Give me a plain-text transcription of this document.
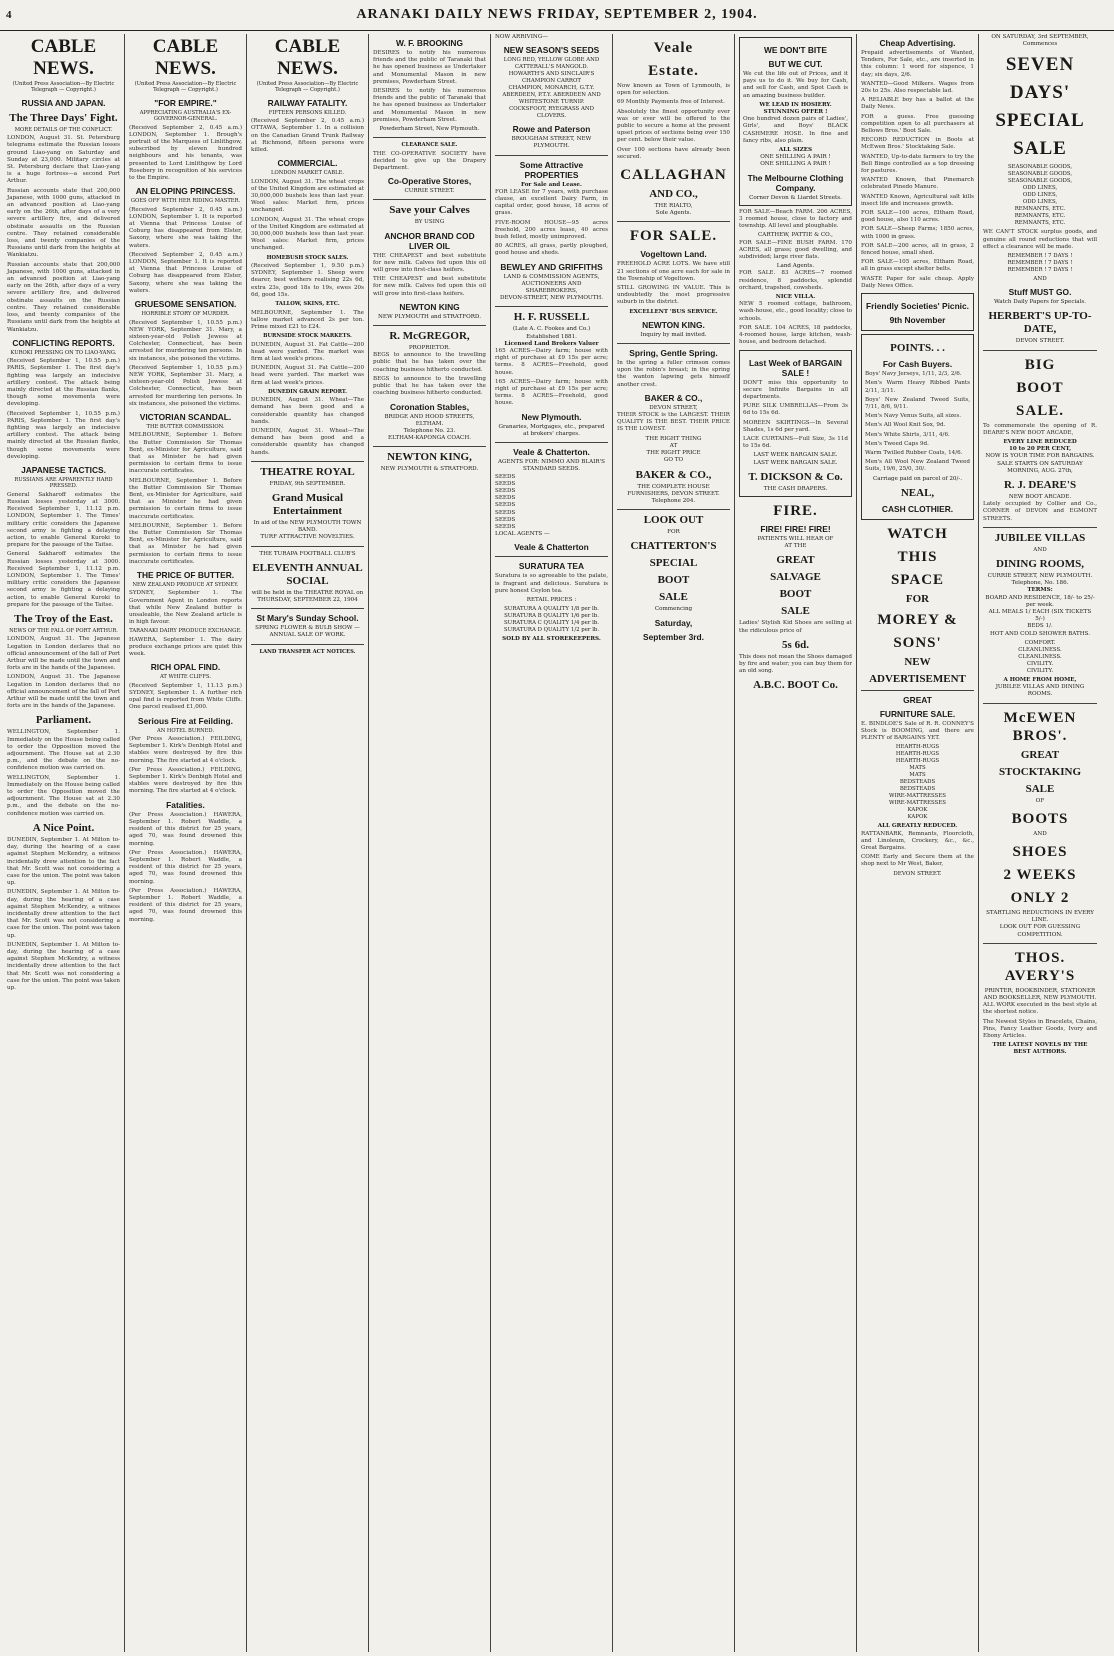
4	ARANAKI DAILY NEWS FRIDAY, SEPTEMBER 2, 1904.
CABLE NEWS.
(United Press Association—By Electric Telegraph — Copyright.)
RUSSIA AND JAPAN.
The Three Days' Fight.
MORE DETAILS OF THE CONFLICT.

LONDON, August 31. St. Petersburg telegrams estimate the Russian losses ground Liao-yang on Saturday and Sunday at 23,000. Military circles at St. Petersburg declare that Liao-yang is a huge fortress—a second Port Arthur.

Russian accounts state that 200,000 Japanese, with 1000 guns, attacked in an advanced position at Liao-yang early on the 26th, after days of a very severe artillery fire, and delivered obstinate assaults on the Russian centre. They retained considerable loss, and twenty companies of the Russians until dark from the heights at Wankiatzu.

Russian accounts state that 200,000 Japanese, with 1000 guns, attacked in an advanced position at Liao-yang early on the 26th, after days of a very severe artillery fire, and delivered obstinate assaults on the Russian centre. They retained considerable loss, and twenty companies of the Russians until dark from the heights at Wankiatzu.

CONFLICTING REPORTS.
KUROKI PRESSING ON TO LIAO-YANG.

(Received September 1, 10.55 p.m.) PARIS, September 1. The first day's fighting was largely an indecisive artillery contest. The attack being mainly directed at the Russian flanks, though some movements were developing.

(Received September 1, 10.55 p.m.) PARIS, September 1. The first day's fighting was largely an indecisive artillery contest. The attack being mainly directed at the Russian flanks, though some movements were developing.

JAPANESE TACTICS.
RUSSIANS ARE APPARENTLY HARD PRESSED.

General Sakharoff estimates the Russian losses yesterday at 3000. Received September 1, 11.12 p.m. LONDON, September 1. The Times' military critic considers the Japanese second army is fighting a delaying action, to enable General Kuroki to prepare for the passage of the Taitse.

General Sakharoff estimates the Russian losses yesterday at 3000. Received September 1, 11.12 p.m. LONDON, September 1. The Times' military critic considers the Japanese second army is fighting a delaying action, to enable General Kuroki to prepare for the passage of the Taitse.

The Troy of the East.
NEWS OF THE FALL OF PORT ARTHUR.

LONDON, August 31. The Japanese Legation in London declares that no official announcement of the fall of Port Arthur will be made until the town and forts are in the hands of the Japanese.

LONDON, August 31. The Japanese Legation in London declares that no official announcement of the fall of Port Arthur will be made until the town and forts are in the hands of the Japanese.

Parliament.

WELLINGTON, September 1. Immediately on the House being called to order the Opposition moved the adjournment. The House sat at 2.30 p.m., and the debate on the no-confidence motion was carried on.

WELLINGTON, September 1. Immediately on the House being called to order the Opposition moved the adjournment. The House sat at 2.30 p.m., and the debate on the no-confidence motion was carried on.

A Nice Point.

DUNEDIN, September 1. At Milton to-day, during the hearing of a case against Stephen McKendry, a witness incidentally drew attention to the fact that Mr. Scott was not considering a case for the union. The point was taken up.

DUNEDIN, September 1. At Milton to-day, during the hearing of a case against Stephen McKendry, a witness incidentally drew attention to the fact that Mr. Scott was not considering a case for the union. The point was taken up.

DUNEDIN, September 1. At Milton to-day, during the hearing of a case against Stephen McKendry, a witness incidentally drew attention to the fact that Mr. Scott was not considering a case for the union. The point was taken up.

CABLE NEWS.
(United Press Association—By Electric Telegraph — Copyright.)
"FOR EMPIRE."
APPRECIATING AUSTRALIA'S EX-GOVERNOR-GENERAL.

(Received September 2, 0.45 a.m.) LONDON, September 1. Brough's portrait of the Marquess of Linlithgow, subscribed by eleven hundred neighbours and his tenants, was presented to Lord Linlithgow by Lord Rosebery in recognition of his services to the Empire.

AN ELOPING PRINCESS.
GOES OFF WITH HER RIDING MASTER.

(Received September 2, 0.45 a.m.) LONDON, September 1. It is reported at Vienna that Princess Louise of Coburg has disappeared from Elster, Saxony, where she was taking the waters.

(Received September 2, 0.45 a.m.) LONDON, September 1. It is reported at Vienna that Princess Louise of Coburg has disappeared from Elster, Saxony, where she was taking the waters.

GRUESOME SENSATION.
HORRIBLE STORY OF MURDER.

(Received September 1, 10.55 p.m.) NEW YORK, September 31. Mary, a sixteen-year-old Polish Jewess at Colchester, Connecticut, has been arrested for murdering ten persons. In six instances, she poisoned the victims.

(Received September 1, 10.55 p.m.) NEW YORK, September 31. Mary, a sixteen-year-old Polish Jewess at Colchester, Connecticut, has been arrested for murdering ten persons. In six instances, she poisoned the victims.

VICTORIAN SCANDAL.
THE BUTTER COMMISSION.

MELBOURNE, September 1. Before the Butter Commission Sir Thomas Bent, ex-Minister for Agriculture, said that as Minister he had given permission to certain firms to issue inaccurate certificates.

MELBOURNE, September 1. Before the Butter Commission Sir Thomas Bent, ex-Minister for Agriculture, said that as Minister he had given permission to certain firms to issue inaccurate certificates.

MELBOURNE, September 1. Before the Butter Commission Sir Thomas Bent, ex-Minister for Agriculture, said that as Minister he had given permission to certain firms to issue inaccurate certificates.

THE PRICE OF BUTTER.
NEW ZEALAND PRODUCE AT SYDNEY.

SYDNEY, September 1. The Government Agent in London reports that while New Zealand butter is unsaleable, the New Zealand article is in high favour.

TARANAKI DAIRY PRODUCE EXCHANGE.

HAWERA, September 1. The dairy produce exchange prices are quiet this week.

RICH OPAL FIND.
AT WHITE CLIFFS.

(Received September 1, 11.13 p.m.) SYDNEY, September 1. A further rich opal find is reported from White Cliffs. One parcel realised £1,000.

Serious Fire at Feilding.
AN HOTEL BURNED.

(Per Press Association.) FEILDING, September 1. Kirk's Denbigh Hotel and stables were destroyed by fire this morning. The fire started at 4 o'clock.

(Per Press Association.) FEILDING, September 1. Kirk's Denbigh Hotel and stables were destroyed by fire this morning. The fire started at 4 o'clock.

Fatalities.

(Per Press Association.) HAWERA, September 1. Robert Waddle, a resident of this district for 25 years, aged 70, was found drowned this morning.

(Per Press Association.) HAWERA, September 1. Robert Waddle, a resident of this district for 25 years, aged 70, was found drowned this morning.

(Per Press Association.) HAWERA, September 1. Robert Waddle, a resident of this district for 25 years, aged 70, was found drowned this morning.

CABLE NEWS.
(United Press Association—By Electric Telegraph — Copyright.)
RAILWAY FATALITY.
FIFTEEN PERSONS KILLED.

(Received September 2, 0.45 a.m.) OTTAWA, September 1. In a collision on the Canadian Grand Trunk Railway at Richmond, fifteen persons were killed.

COMMERCIAL.
LONDON MARKET CABLE.

LONDON, August 31. The wheat crops of the United Kingdom are estimated at 30,000,000 bushels less than last year. Wool sales: Market firm, prices unchanged.

LONDON, August 31. The wheat crops of the United Kingdom are estimated at 30,000,000 bushels less than last year. Wool sales: Market firm, prices unchanged.

HOMEBUSH STOCK SALES.

(Received September 1, 9.50 p.m.) SYDNEY, September 1. Sheep were dearer, best wethers realising 22s 6d, extra 23s, good 18s to 19s, ewes 20s 6d, good 15s.

TALLOW, SKINS, ETC.

MELBOURNE, September 1. The tallow market advanced 2s per ton. Prime mixed £21 to £24.

BURNSIDE STOCK MARKETS.

DUNEDIN, August 31. Fat Cattle—200 head were yarded. The market was firm at last week's prices.

DUNEDIN, August 31. Fat Cattle—200 head were yarded. The market was firm at last week's prices.

DUNEDIN GRAIN REPORT.

DUNEDIN, August 31. Wheat—The demand has been good and a considerable quantity has changed hands.

DUNEDIN, August 31. Wheat—The demand has been good and a considerable quantity has changed hands.

THEATRE ROYAL
FRIDAY, 9th SEPTEMBER.
Grand Musical Entertainment
In aid of the NEW PLYMOUTH TOWN BAND.
TURF ATTRACTIVE NOVELTIES.
THE TURAPA FOOTBALL CLUB'S
ELEVENTH ANNUAL SOCIAL
will be held in the THEATRE ROYAL on THURSDAY, SEPTEMBER 22, 1904
St Mary's Sunday School.
SPRING FLOWER & BULB SHOW — ANNUAL SALE OF WORK.
LAND TRANSFER ACT NOTICES.
W. F. BROOKING

DESIRES to notify his numerous friends and the public of Taranaki that he has opened business as Undertaker and Monumental Mason in new premises, Powderham Street.

DESIRES to notify his numerous friends and the public of Taranaki that he has opened business as Undertaker and Monumental Mason in new premises, Powderham Street.

Powderham Street, New Plymouth.
CLEARANCE SALE.

THE CO-OPERATIVE SOCIETY have decided to give up the Drapery Department.

Co-Operative Stores,
CURRIE STREET.
Save your Calves
BY USING
ANCHOR BRAND COD LIVER OIL

THE CHEAPEST and best substitute for new milk. Calves fed upon this oil will grow into first-class heifers.

THE CHEAPEST and best substitute for new milk. Calves fed upon this oil will grow into first-class heifers.

NEWTON KING
NEW PLYMOUTH and STRATFORD.
R. McGREGOR,
PROPRIETOR.

BEGS to announce to the travelling public that he has taken over the coaching business hitherto conducted.

BEGS to announce to the travelling public that he has taken over the coaching business hitherto conducted.

Coronation Stables,
BRIDGE AND HOOD STREETS, ELTHAM.
Telephone No. 23.
ELTHAM-KAPONGA COACH.
NEWTON KING,
NEW PLYMOUTH & STRATFORD.
NOW ARRIVING—
NEW SEASON'S SEEDS
LONG RED, YELLOW GLOBE AND CATTERALL'S MANGOLD.
HOWARTH'S AND SINCLAIR'S CHAMPION CARROT
CHAMPION, MONARCH, G.T.Y. ABERDEEN, P.T.Y. ABERDEEN AND WHITESTONE TURNIP.
COCKSFOOT, RYEGRASS AND CLOVERS.
Rowe and Paterson
BROUGHAM STREET, NEW PLYMOUTH.
Some Attractive PROPERTIES
For Sale and Lease.

FOR LEASE for 7 years, with purchase clause, an excellent Dairy Farm, in capital order, good house, 18 acres of grass.

FIVE-ROOM HOUSE—95 acres freehold, 200 acres lease, 40 acres bush felled, mostly unimproved.

80 ACRES, all grass, partly ploughed, good house and sheds.

BEWLEY AND GRIFFITHS
LAND & COMMISSION AGENTS, AUCTIONEERS AND SHAREBROKERS,
DEVON-STREET, NEW PLYMOUTH.
H. F. RUSSELL
(Late A. C. Fookes and Co.)
Established 1881.
Licensed Land Brokers Valuer

165 ACRES—Dairy farm; house with right of purchase at £9 15s per acre; terms. 8 ACRES—Freehold, good house.

165 ACRES—Dairy farm; house with right of purchase at £9 15s per acre; terms. 8 ACRES—Freehold, good house.

New Plymouth.
Granaries, Mortgages, etc., prepared at brokers' charges.
Veale & Chatterton.
AGENTS FOR: NIMMO AND BLAIR'S STANDARD SEEDS.
SEEDS
SEEDS
SEEDS
SEEDS
SEEDS
SEEDS
SEEDS
SEEDS
LOCAL AGENTS —
Veale & Chatterton
SURATURA TEA

Suratura is so agreeable to the palate, is fragrant and delicious. Suratura is pure honest Ceylon tea.

RETAIL PRICES :
SURATURA A QUALITY 1/8 per lb.
SURATURA B QUALITY 1/6 per lb.
SURATURA C QUALITY 1/4 per lb.
SURATURA D QUALITY 1/2 per lb.
SOLD BY ALL STOREKEEPERS.
Veale
Estate.

Now known as Town of Lynmouth, is open for selection.

69 Monthly Payments free of Interest.

Absolutely the finest opportunity ever was or ever will be offered to the public to secure a home at the present upset prices of sections being over 150 per cent. below their value.

Over 100 sections have already been secured.

CALLAGHAN
AND CO.,
THE RIALTO,
Sole Agents.
FOR SALE.
Vogeltown Land.

FREEHOLD ACRE LOTS. We have still 21 sections of one acre each for sale in the Township of Vogeltown.

STILL GROWING IN VALUE. This is undoubtedly the most progressive suburb in the district.

EXCELLENT 'BUS SERVICE.
NEWTON KING.
Inquiry by mail invited.
Spring, Gentle Spring.

In the spring a fuller crimson comes upon the robin's breast; in the spring the wanton lapwing gets himself another crest.

BAKER & CO.,
DEVON STREET,

THEIR STOCK is the LARGEST. THEIR QUALITY IS THE BEST. THEIR PRICE IS THE LOWEST.

THE RIGHT THING
AT
THE RIGHT PRICE
GO TO
BAKER & CO.,
THE COMPLETE HOUSE FURNISHERS, DEVON STREET.
Telephone 204.
LOOK OUT
FOR
CHATTERTON'S
SPECIAL
BOOT
SALE
Commencing
Saturday,
September 3rd.
WE DON'T BITE
BUT WE CUT.

We cut the life out of Prices, and it pays us to do it. We buy for Cash, and sell for Cash, and Spot Cash is an amazing business builder.

WE LEAD IN HOSIERY.
STUNNING OFFER !

One hundred dozen pairs of Ladies', Girls', and Boys' BLACK CASHMERE HOSE. In fine and fancy ribs, also plain.

ALL SIZES
ONE SHILLING A PAIR !
ONE SHILLING A PAIR !
The Melbourne Clothing Company.
Corner Devon & Liardet Streets.

FOR SALE—Beach FARM. 206 ACRES, 3 roomed house, close to factory and township. All level and ploughable.

CARTHEW, PATTIE & CO.,

FOR SALE—FINE BUSH FARM. 170 ACRES, all grass; good dwelling, and subdivided; large river flats.

Land Agents.

FOR SALE. 83 ACRES—7 roomed residence, 8 paddocks, splendid orchard, trapshed, cowsheds.

NICE VILLA.

NEW 5 roomed cottage, bathroom, wash-house, etc., good locality; close to schools.

FOR SALE. 104 ACRES, 18 paddocks, 4-roomed house, large kitchen, wash-house, and bedroom detached.

Last Week of BARGAIN SALE !

DON'T miss this opportunity to secure Infinite Bargains in all departments.

PURE SILK UMBRELLAS—From 3s 6d to 15s 6d.
MOREEN SKIRTINGS—In Several Shades, 1s 6d per yard.
LACE CURTAINS—Full Size, 3s 11d to 15s 6d.
LAST WEEK BARGAIN SALE.
LAST WEEK BARGAIN SALE.
T. DICKSON & Co.
THE CASH DRAPERS.
FIRE.
FIRE! FIRE! FIRE!
PATIENTS WILL HEAR OF
AT THE
GREAT
SALVAGE
BOOT
SALE

Ladies' Stylish Kid Shoes are selling at the ridiculous price of

5s 6d.

This does not mean the Shoes damaged by fire and water; you can buy them for an old song.

A.B.C. BOOT Co.
Cheap Advertising.

Prepaid advertisements of Wanted, Tenders, For Sale, etc., are inserted in this column: 1 word for sixpence, 1 day; six days, 2/6.

WANTED—Good Milkers. Wages from 20s to 25s. Also respectable lad.

A RELIABLE boy has a ballot at the Daily News.

FOR a guess. Free guessing competition open to all purchasers at Bellows Bros.' Boot Sale.

RECORD REDUCTION in Boots at McEwen Bros.' Stocktaking Sale.

WANTED, Up-to-date farmers to try the Bell Binge controlled as a top dressing for pastures.

WANTED Known, that Pinemarch celebrated Pinedo Manure.

WANTED Known, Agricultural salt kills insect life and increases growth.

FOR SALE—100 acres, Eltham Road, good house, also 110 acres.

FOR SALE—Sheep Farms; 1850 acres, with 1000 in grass.

FOR SALE—200 acres, all in grass, 2 fenced house, small shed.

FOR SALE—105 acres, Eltham Road, all in grass except shelter belts.

WASTE Paper for sale cheap. Apply Daily News Office.

Friendly Societies' Picnic.
9th November
POINTS. . .
For Cash Buyers.

Boys' Navy Jerseys, 1/11, 2/3, 2/6.

Men's Warm Heavy Ribbed Pants 2/11, 3/11.

Boys' New Zealand Tweed Suits, 7/11, 8/6, 9/11.

Men's Navy Venus Suits, all sizes.

Men's All Wool Knit Sox, 9d.

Men's White Shirts, 3/11, 4/6.

Men's Tweed Caps 9d.

Warm Twilled Rubber Coats, 14/6.

Men's All Wool New Zealand Tweed Suits, 19/6, 25/0, 30/.

Carriage paid on parcel of 20/-.
NEAL,
CASH CLOTHIER.
WATCH
THIS
SPACE
FOR
MOREY &
SONS'
NEW
ADVERTISEMENT
GREAT
FURNITURE SALE.

E. BINDLOE'S Sale of R. R. CONNEY'S Stock is BOOMING, and there are PLENTY of BARGAINS YET.

HEARTH-RUGS
HEARTH-RUGS
HEARTH-RUGS
MATS
MATS
BEDSTEADS
BEDSTEADS
WIRE-MATTRESSES
WIRE-MATTRESSES
KAPOK
KAPOK
ALL GREATLY REDUCED.

RATTANBARK, Remnants, Floorcloth, and Linoleum, Crockery, &c., &c., Great Bargains.

COME Early and Secure them at the shop next to Mr West, Baker,

DEVON STREET.
ON SATURDAY, 3rd SEPTEMBER,
Commences
SEVEN
DAYS'
SPECIAL
SALE
SEASONABLE GOODS,
SEASONABLE GOODS,
SEASONABLE GOODS,
ODD LINES,
ODD LINES,
ODD LINES,
REMNANTS, ETC.
REMNANTS, ETC.
REMNANTS, ETC.

WE CAN'T STOCK surplus goods, and genuine all round reductions that will effect a clearance will be made.

REMEMBER ! 7 DAYS !
REMEMBER ! 7 DAYS !
REMEMBER ! 7 DAYS !
AND
Stuff MUST GO.
Watch Daily Papers for Specials.
HERBERT'S UP-TO-DATE,
DEVON STREET.
BIG
BOOT
SALE.

To commemorate the opening of R. DEARE'S NEW BOOT ARCADE,

EVERY LINE REDUCED
10 to 20 PER CENT,
NOW IS YOUR TIME FOR BARGAINS.
SALE STARTS ON SATURDAY MORNING, AUG. 27th,
R. J. DEARE'S
NEW BOOT ARCADE.

Lately occupied by Collier and Co., CORNER of DEVON and EGMONT STREETS.

JUBILEE VILLAS
AND
DINING ROOMS,
CURRIE STREET, NEW PLYMOUTH.
Telephone, No. 186.
TERMS:
BOARD AND RESIDENCE, 18/- to 25/- per week.
ALL MEALS 1/ EACH (SIX TICKETS 5/-)
BEDS 1/.
HOT AND COLD SHOWER BATHS.
COMFORT.
CLEANLINESS.
CLEANLINESS.
CIVILITY.
CIVILITY.
A HOME FROM HOME,
JUBILEE VILLAS AND DINING ROOMS.
McEWEN BROS'.
GREAT
STOCKTAKING
SALE
OF
BOOTS
AND
SHOES
2 WEEKS
ONLY 2
STARTLING REDUCTIONS IN EVERY LINE.
LOOK OUT FOR GUESSING COMPETITION.
THOS. AVERY'S
PRINTER, BOOKBINDER, STATIONER AND BOOKSELLER, NEW PLYMOUTH.

ALL WORK executed in the best style at the shortest notice.

The Newest Styles in Bracelets, Chains, Pins, Fancy Leather Goods, Ivory and Ebony Articles.

THE LATEST NOVELS BY THE BEST AUTHORS.
